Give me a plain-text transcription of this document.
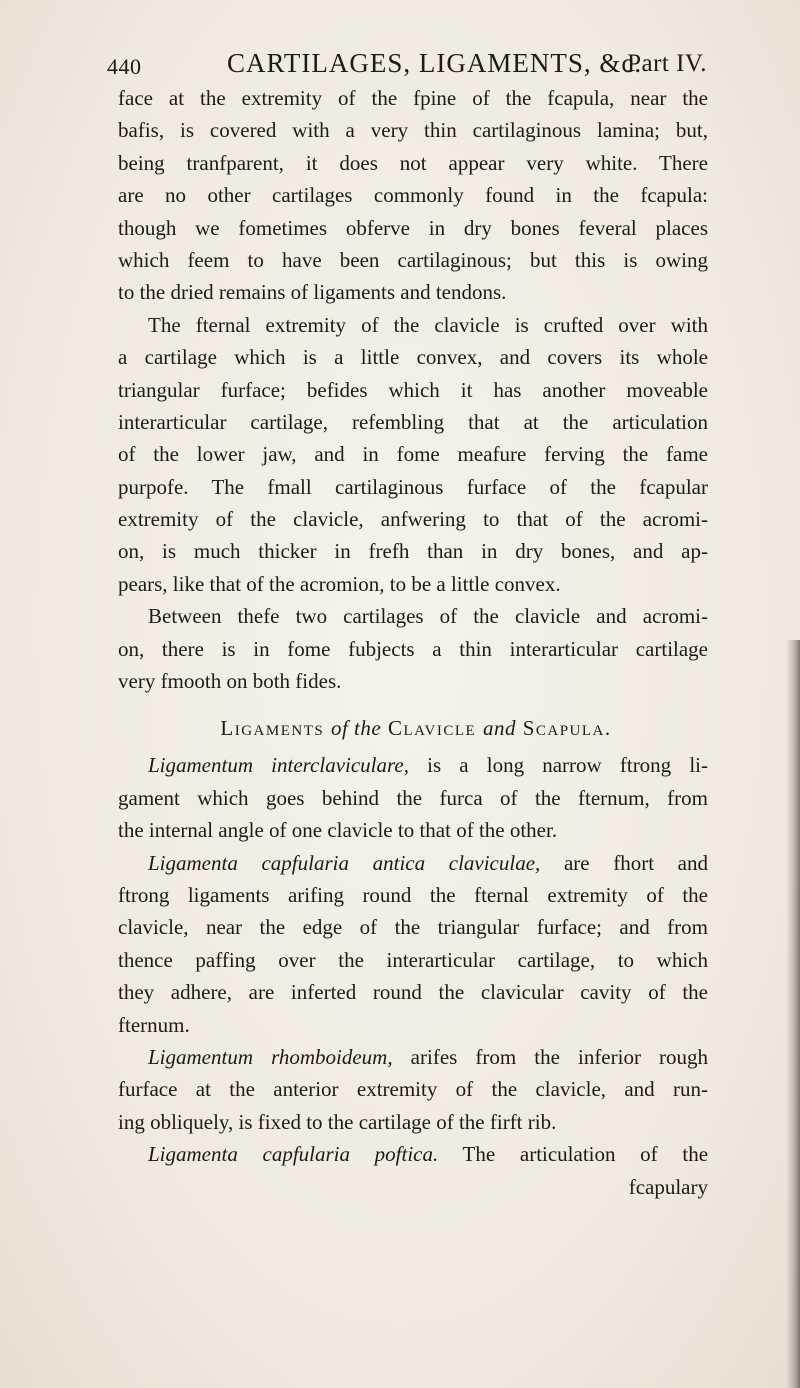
440	CARTILAGES, LIGAMENTS, &c.
Part IV.
face at the extremity of the fpine of the fcapula, near the
bafis, is covered with a very thin cartilaginous lamina; but,
being tranfparent, it does not appear very white. There
are no other cartilages commonly found in the fcapula:
though we fometimes obferve in dry bones feveral places
which feem to have been cartilaginous; but this is owing
to the dried remains of ligaments and tendons.
The fternal extremity of the clavicle is crufted over with
a cartilage which is a little convex, and covers its whole
triangular furface; befides which it has another moveable
interarticular cartilage, refembling that at the articulation
of the lower jaw, and in fome meafure ferving the fame
purpofe. The fmall cartilaginous furface of the fcapular
extremity of the clavicle, anfwering to that of the acromi-
on, is much thicker in frefh than in dry bones, and ap-
pears, like that of the acromion, to be a little convex.
Between thefe two cartilages of the clavicle and acromi-
on, there is in fome fubjects a thin interarticular cartilage
very fmooth on both fides.
Ligaments of the Clavicle and Scapula.
Ligamentum interclaviculare, is a long narrow ftrong li-
gament which goes behind the furca of the fternum, from
the internal angle of one clavicle to that of the other.
Ligamenta capfularia antica claviculae, are fhort and
ftrong ligaments arifing round the fternal extremity of the
clavicle, near the edge of the triangular furface; and from
thence paffing over the interarticular cartilage, to which
they adhere, are inferted round the clavicular cavity of the
fternum.
Ligamentum rhomboideum, arifes from the inferior rough
furface at the anterior extremity of the clavicle, and run-
ing obliquely, is fixed to the cartilage of the firft rib.
Ligamenta capfularia poftica. The articulation of the
fcapulary
